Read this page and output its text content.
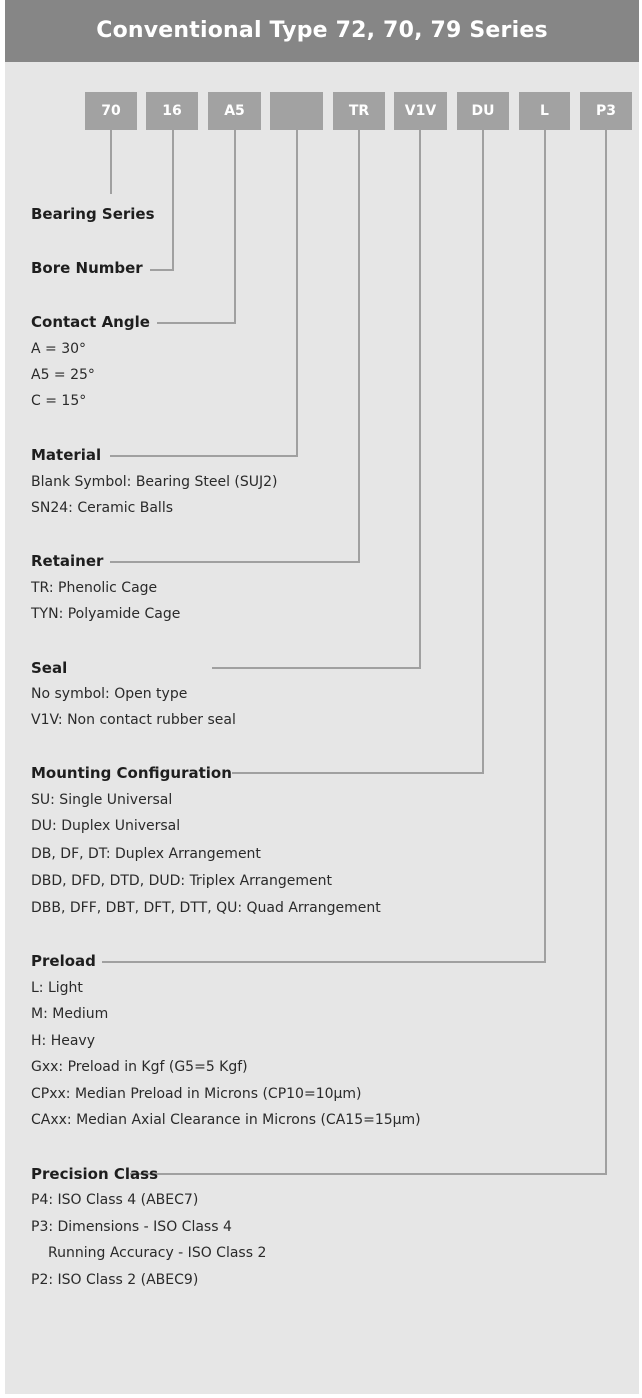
Conventional Type 72, 70, 79 Series
70	16	A5	TR	V1V	DU	L	P3
Bearing Series
Bore Number
Contact Angle
A = 30°
A5 = 25°
C = 15°
Material
Blank Symbol: Bearing Steel (SUJ2)
SN24: Ceramic Balls
Retainer
TR: Phenolic Cage
TYN: Polyamide Cage
Seal
No symbol: Open type
V1V: Non contact rubber seal
Mounting Configuration
SU: Single Universal
DU: Duplex Universal
DB, DF, DT: Duplex Arrangement
DBD, DFD, DTD, DUD: Triplex Arrangement
DBB, DFF, DBT, DFT, DTT, QU: Quad Arrangement
Preload
L: Light
M: Medium
H: Heavy
Gxx: Preload in Kgf (G5=5 Kgf)
CPxx: Median Preload in Microns (CP10=10μm)
CAxx: Median Axial Clearance in Microns (CA15=15μm)
Precision Class
P4: ISO Class 4 (ABEC7)
P3: Dimensions - ISO Class 4
Running Accuracy - ISO Class 2
P2: ISO Class 2 (ABEC9)
